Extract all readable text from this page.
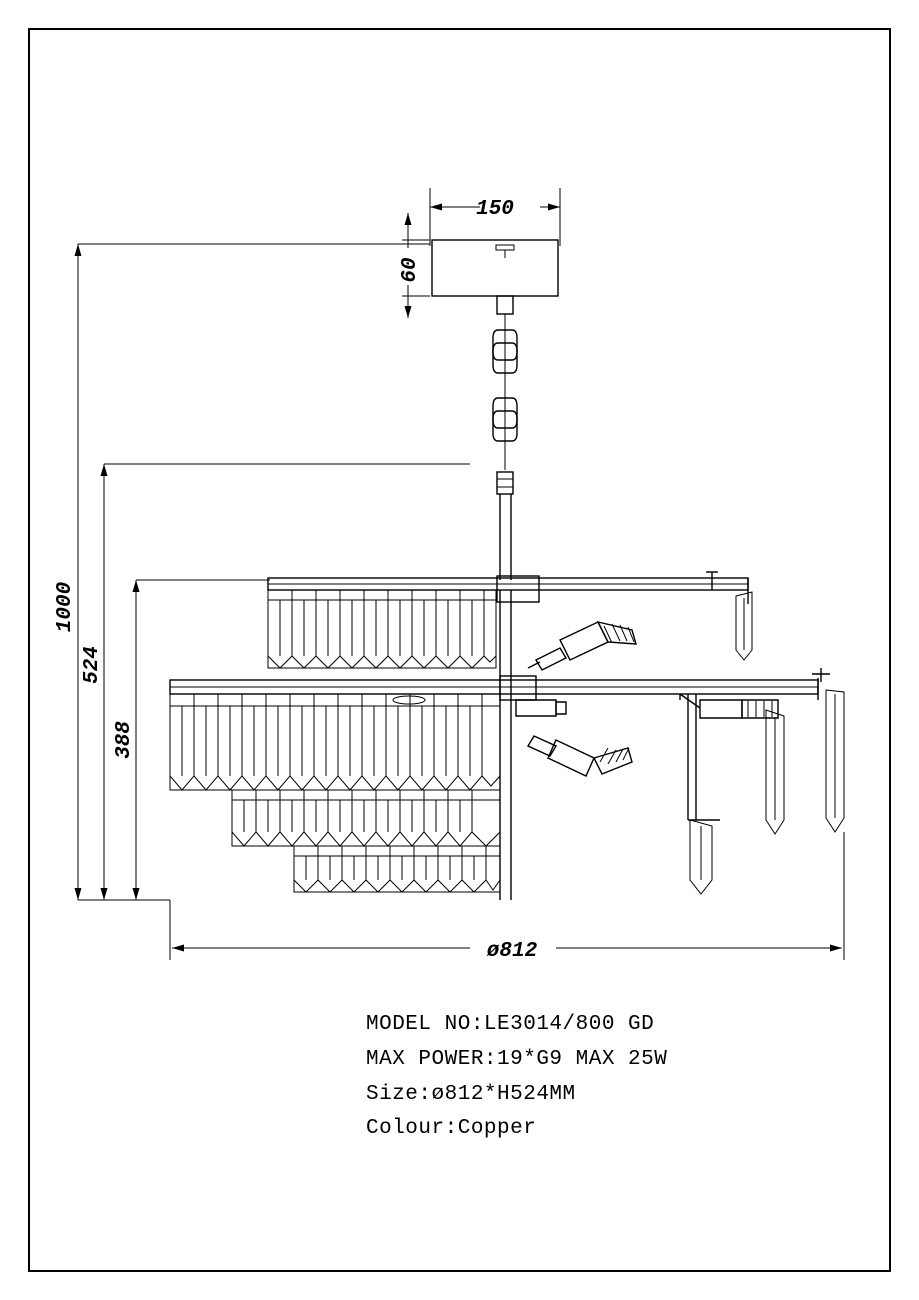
150
60
1000
524
388
ø812
MODEL NO:LE3014/800 GD
MAX POWER:19*G9 MAX 25W
Size:ø812*H524MM
Colour:Copper
